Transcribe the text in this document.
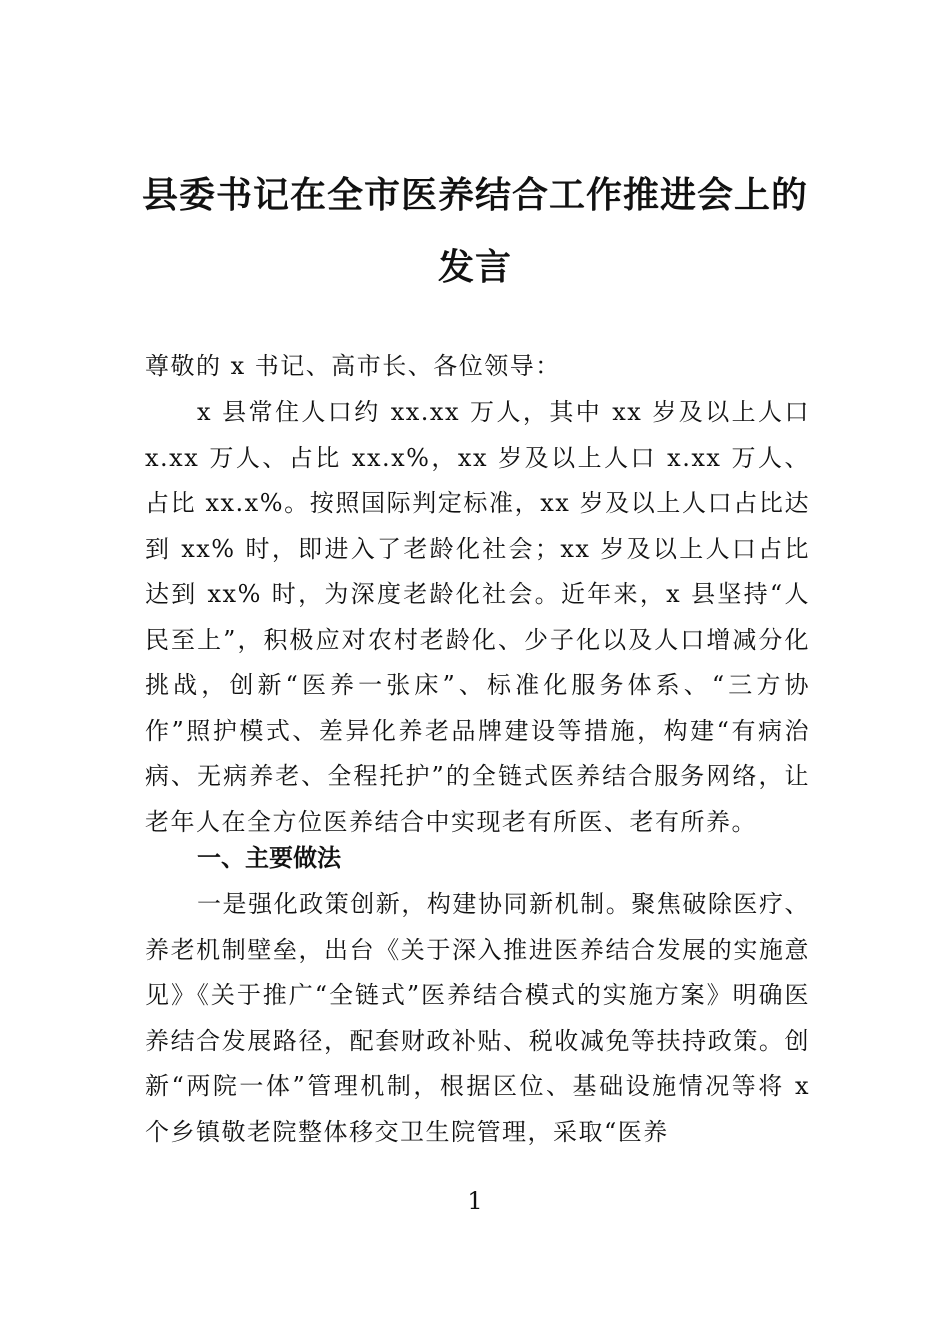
县委书记在全市医养结合工作推进会上的
发言

尊敬的 x 书记、高市长、各位领导：

x 县常住人口约 xx.xx 万人，其中 xx 岁及以上人口 x.xx 万人、占比 xx.x%，xx 岁及以上人口 x.xx 万人、占比 xx.x%。按照国际判定标准，xx 岁及以上人口占比达到 xx% 时，即进入了老龄化社会；xx 岁及以上人口占比达到 xx% 时，为深度老龄化社会。近年来，x 县坚持“人民至上”，积极应对农村老龄化、少子化以及人口增减分化挑战，创新“医养一张床”、标准化服务体系、“三方协作”照护模式、差异化养老品牌建设等措施，构建“有病治病、无病养老、全程托护”的全链式医养结合服务网络，让老年人在全方位医养结合中实现老有所医、老有所养。

一、主要做法

一是强化政策创新，构建协同新机制。聚焦破除医疗、养老机制壁垒，出台《关于深入推进医养结合发展的实施意见》《关于推广“全链式”医养结合模式的实施方案》明确医养结合发展路径，配套财政补贴、税收减免等扶持政策。创新“两院一体”管理机制，根据区位、基础设施情况等将 x 个乡镇敬老院整体移交卫生院管理，采取“医养

1
